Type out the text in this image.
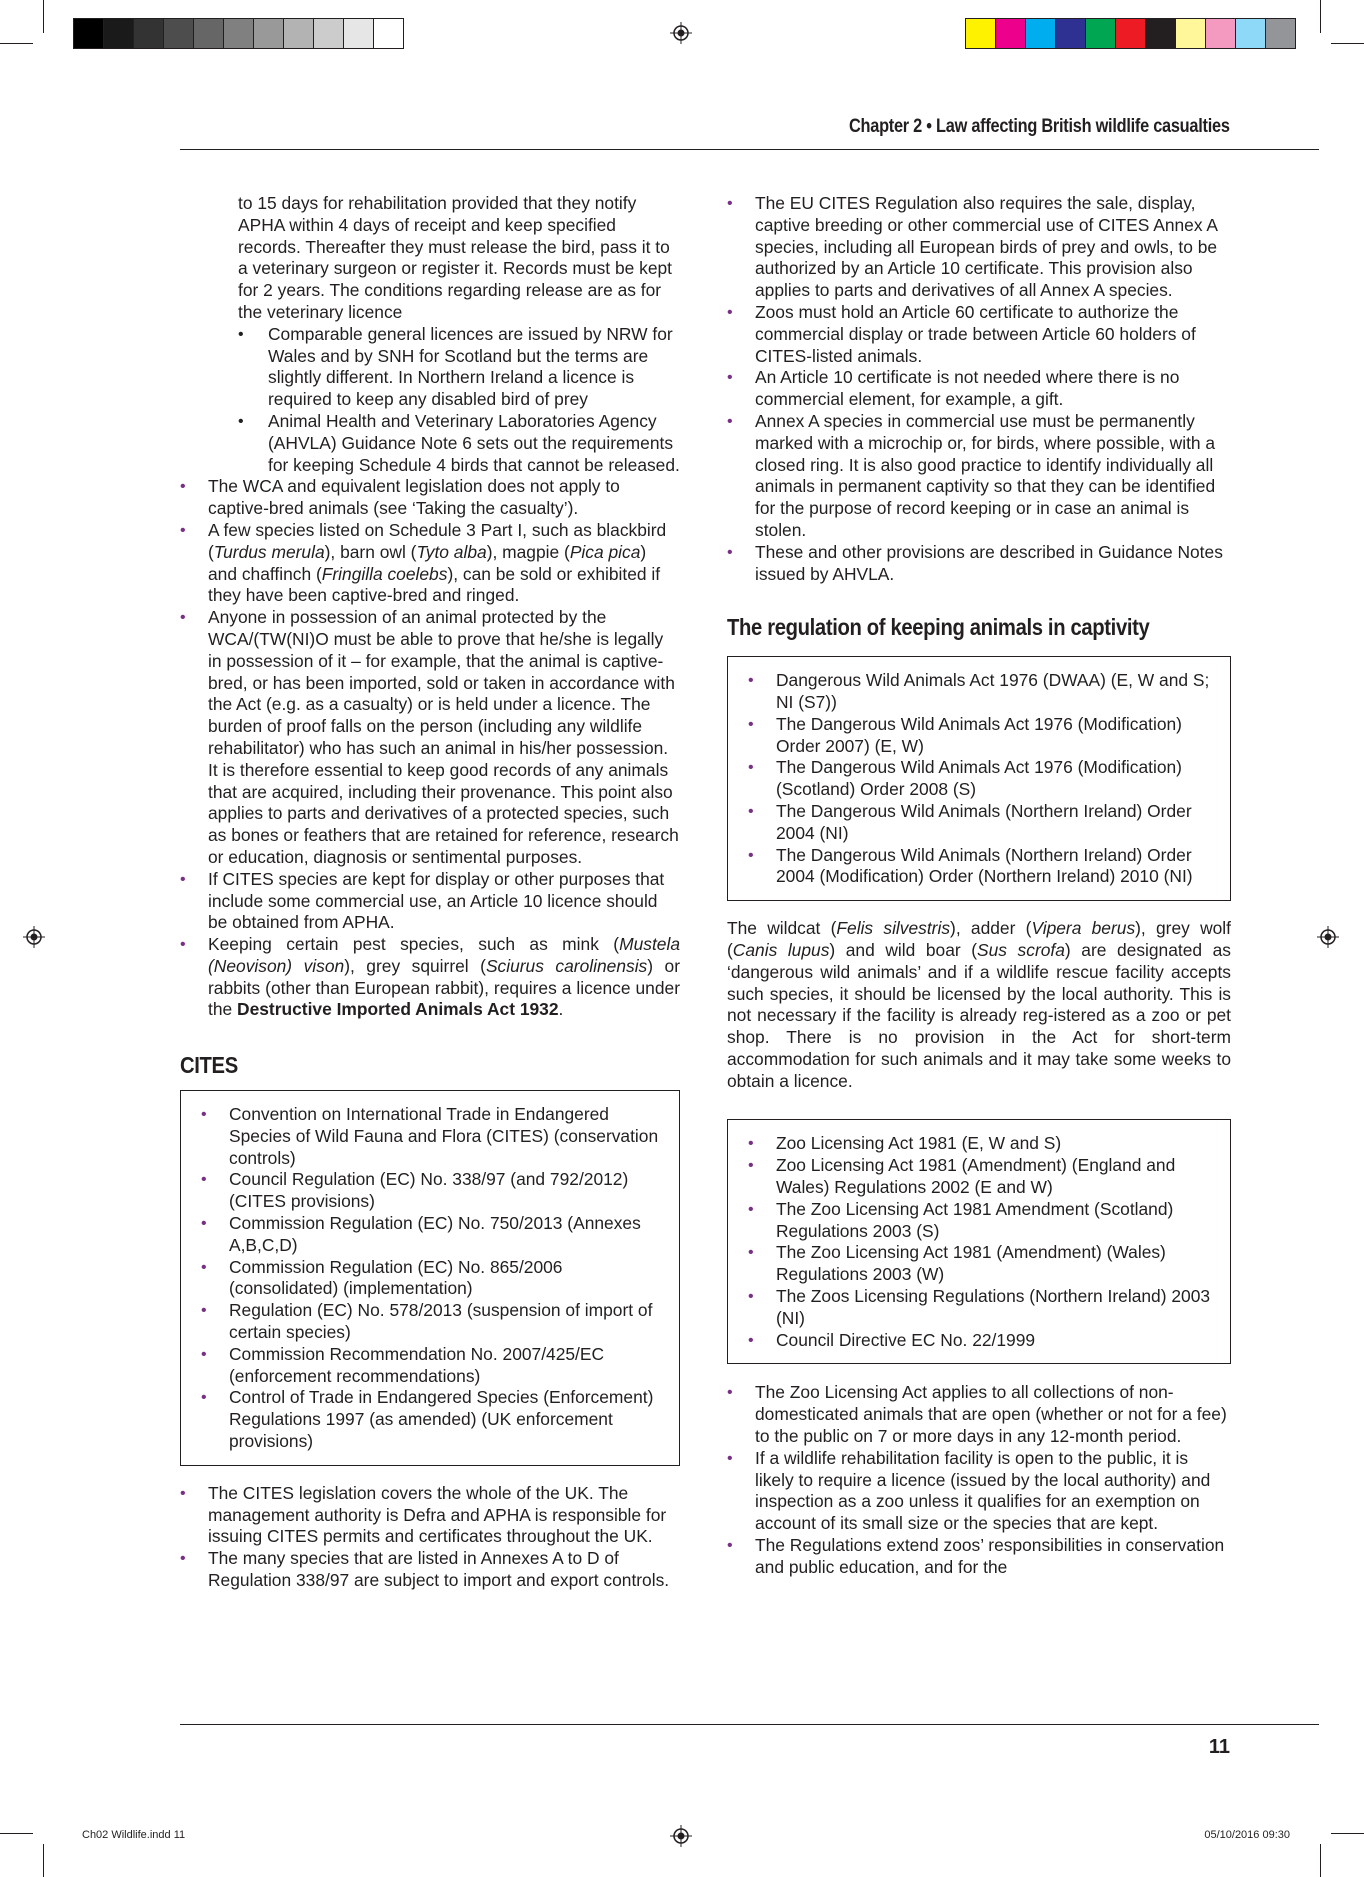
Chapter 2 • Law affecting British wildlife casualties
to 15 days for rehabilitation provided that they notify APHA within 4 days of receipt and keep specified records. Thereafter they must release the bird, pass it to a veterinary surgeon or register it. Records must be kept for 2 years. The conditions regarding release are as for the veterinary licence
• Comparable general licences are issued by NRW for Wales and by SNH for Scotland but the terms are slightly different. In Northern Ireland a licence is required to keep any disabled bird of prey
• Animal Health and Veterinary Laboratories Agency (AHVLA) Guidance Note 6 sets out the requirements for keeping Schedule 4 birds that cannot be released.
• The WCA and equivalent legislation does not apply to captive-bred animals (see ‘Taking the casualty’).
• A few species listed on Schedule 3 Part I, such as blackbird (Turdus merula), barn owl (Tyto alba), magpie (Pica pica) and chaffinch (Fringilla coelebs), can be sold or exhibited if they have been captive-bred and ringed.
• Anyone in possession of an animal protected by the WCA/(TW(NI)O must be able to prove that he/she is legally in possession of it – for example, that the animal is captive-bred, or has been imported, sold or taken in accordance with the Act (e.g. as a casualty) or is held under a licence. The burden of proof falls on the person (including any wildlife rehabilitator) who has such an animal in his/her possession. It is therefore essential to keep good records of any animals that are acquired, including their provenance. This point also applies to parts and derivatives of a protected species, such as bones or feathers that are retained for reference, research or education, diagnosis or sentimental purposes.
• If CITES species are kept for display or other purposes that include some commercial use, an Article 10 licence should be obtained from APHA.
• Keeping certain pest species, such as mink (Mustela (Neovison) vison), grey squirrel (Sciurus carolinensis) or rabbits (other than European rabbit), requires a licence under the Destructive Imported Animals Act 1932.
CITES
• Convention on International Trade in Endangered Species of Wild Fauna and Flora (CITES) (conservation controls)
• Council Regulation (EC) No. 338/97 (and 792/2012) (CITES provisions)
• Commission Regulation (EC) No. 750/2013 (Annexes A,B,C,D)
• Commission Regulation (EC) No. 865/2006 (consolidated) (implementation)
• Regulation (EC) No. 578/2013 (suspension of import of certain species)
• Commission Recommendation No. 2007/425/EC (enforcement recommendations)
• Control of Trade in Endangered Species (Enforcement) Regulations 1997 (as amended) (UK enforcement provisions)
• The CITES legislation covers the whole of the UK. The management authority is Defra and APHA is responsible for issuing CITES permits and certificates throughout the UK.
• The many species that are listed in Annexes A to D of Regulation 338/97 are subject to import and export controls.
• The EU CITES Regulation also requires the sale, display, captive breeding or other commercial use of CITES Annex A species, including all European birds of prey and owls, to be authorized by an Article 10 certificate. This provision also applies to parts and derivatives of all Annex A species.
• Zoos must hold an Article 60 certificate to authorize the commercial display or trade between Article 60 holders of CITES-listed animals.
• An Article 10 certificate is not needed where there is no commercial element, for example, a gift.
• Annex A species in commercial use must be permanently marked with a microchip or, for birds, where possible, with a closed ring. It is also good practice to identify individually all animals in permanent captivity so that they can be identified for the purpose of record keeping or in case an animal is stolen.
• These and other provisions are described in Guidance Notes issued by AHVLA.
The regulation of keeping animals in captivity
• Dangerous Wild Animals Act 1976 (DWAA) (E, W and S; NI (S7))
• The Dangerous Wild Animals Act 1976 (Modification) Order 2007) (E, W)
• The Dangerous Wild Animals Act 1976 (Modification) (Scotland) Order 2008 (S)
• The Dangerous Wild Animals (Northern Ireland) Order 2004 (NI)
• The Dangerous Wild Animals (Northern Ireland) Order 2004 (Modification) Order (Northern Ireland) 2010 (NI)

The wildcat (Felis silvestris), adder (Vipera berus), grey wolf (Canis lupus) and wild boar (Sus scrofa) are designated as ‘dangerous wild animals’ and if a wildlife rescue facility accepts such species, it should be licensed by the local authority. This is not necessary if the facility is already reg-istered as a zoo or pet shop. There is no provision in the Act for short-term accommodation for such animals and it may take some weeks to obtain a licence.

• Zoo Licensing Act 1981 (E, W and S)
• Zoo Licensing Act 1981 (Amendment) (England and Wales) Regulations 2002 (E and W)
• The Zoo Licensing Act 1981 Amendment (Scotland) Regulations 2003 (S)
• The Zoo Licensing Act 1981 (Amendment) (Wales) Regulations 2003 (W)
• The Zoos Licensing Regulations (Northern Ireland) 2003 (NI)
• Council Directive EC No. 22/1999
• The Zoo Licensing Act applies to all collections of non-domesticated animals that are open (whether or not for a fee) to the public on 7 or more days in any 12-month period.
• If a wildlife rehabilitation facility is open to the public, it is likely to require a licence (issued by the local authority) and inspection as a zoo unless it qualifies for an exemption on account of its small size or the species that are kept.
• The Regulations extend zoos’ responsibilities in conservation and public education, and for the
11
Ch02 Wildlife.indd 11	05/10/2016 09:30
